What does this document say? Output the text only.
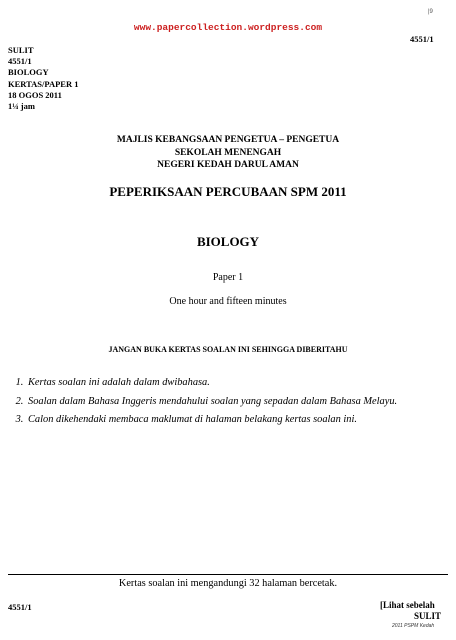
www.papercollection.wordpress.com
|9
4551/1
SULIT
4551/1
BIOLOGY
KERTAS/PAPER 1
18 OGOS 2011
1¼ jam
MAJLIS KEBANGSAAN PENGETUA – PENGETUA
SEKOLAH MENENGAH
NEGERI KEDAH DARUL AMAN
PEPERIKSAAN PERCUBAAN SPM 2011
BIOLOGY
Paper 1
One hour and fifteen minutes
JANGAN BUKA KERTAS SOALAN INI SEHINGGA DIBERITAHU
1. Kertas soalan ini adalah dalam dwibahasa.
2. Soalan dalam Bahasa Inggeris mendahului soalan yang sepadan dalam Bahasa Melayu.
3. Calon dikehendaki membaca maklumat di halaman belakang kertas soalan ini.
Kertas soalan ini mengandungi 32 halaman bercetak.
4551/1	[Lihat sebelah
SULIT
2011 PSPM Kedah
